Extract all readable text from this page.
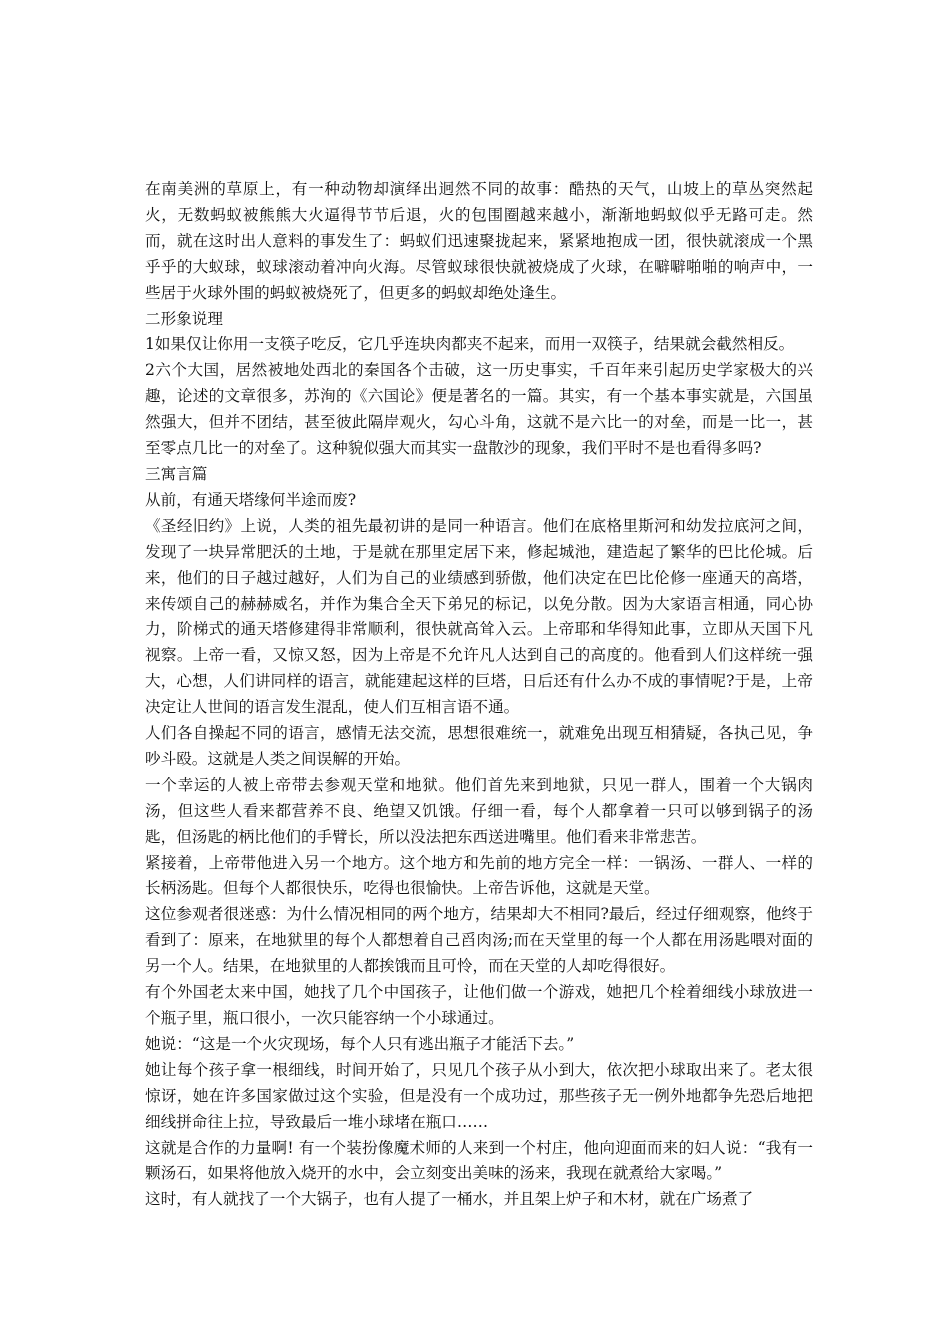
在南美洲的草原上，有一种动物却演绎出迥然不同的故事：酷热的天气，山坡上的草丛突然起火，无数蚂蚁被熊熊大火逼得节节后退，火的包围圈越来越小，渐渐地蚂蚁似乎无路可走。然而，就在这时出人意料的事发生了：蚂蚁们迅速聚拢起来，紧紧地抱成一团，很快就滚成一个黑乎乎的大蚁球，蚁球滚动着冲向火海。尽管蚁球很快就被烧成了火球，在噼噼啪啪的响声中，一些居于火球外围的蚂蚁被烧死了，但更多的蚂蚁却绝处逢生。

二形象说理

1如果仅让你用一支筷子吃反，它几乎连块肉都夹不起来，而用一双筷子，结果就会截然相反。

2六个大国，居然被地处西北的秦国各个击破，这一历史事实，千百年来引起历史学家极大的兴趣，论述的文章很多，苏洵的《六国论》便是著名的一篇。其实，有一个基本事实就是，六国虽然强大，但并不团结，甚至彼此隔岸观火，勾心斗角，这就不是六比一的对垒，而是一比一，甚至零点几比一的对垒了。这种貌似强大而其实一盘散沙的现象，我们平时不是也看得多吗?

三寓言篇

从前，有通天塔缘何半途而废?

《圣经旧约》上说，人类的祖先最初讲的是同一种语言。他们在底格里斯河和幼发拉底河之间，发现了一块异常肥沃的土地，于是就在那里定居下来，修起城池，建造起了繁华的巴比伦城。后来，他们的日子越过越好，人们为自己的业绩感到骄傲，他们决定在巴比伦修一座通天的高塔，来传颂自己的赫赫威名，并作为集合全天下弟兄的标记，以免分散。因为大家语言相通，同心协力，阶梯式的通天塔修建得非常顺利，很快就高耸入云。上帝耶和华得知此事，立即从天国下凡视察。上帝一看，又惊又怒，因为上帝是不允许凡人达到自己的高度的。他看到人们这样统一强大，心想，人们讲同样的语言，就能建起这样的巨塔，日后还有什么办不成的事情呢?于是，上帝决定让人世间的语言发生混乱，使人们互相言语不通。

人们各自操起不同的语言，感情无法交流，思想很难统一，就难免出现互相猜疑，各执己见，争吵斗殴。这就是人类之间误解的开始。

一个幸运的人被上帝带去参观天堂和地狱。他们首先来到地狱，只见一群人，围着一个大锅肉汤，但这些人看来都营养不良、绝望又饥饿。仔细一看，每个人都拿着一只可以够到锅子的汤匙，但汤匙的柄比他们的手臂长，所以没法把东西送进嘴里。他们看来非常悲苦。

紧接着，上帝带他进入另一个地方。这个地方和先前的地方完全一样：一锅汤、一群人、一样的长柄汤匙。但每个人都很快乐，吃得也很愉快。上帝告诉他，这就是天堂。

这位参观者很迷惑：为什么情况相同的两个地方，结果却大不相同?最后，经过仔细观察，他终于看到了：原来，在地狱里的每个人都想着自己舀肉汤;而在天堂里的每一个人都在用汤匙喂对面的另一个人。结果，在地狱里的人都挨饿而且可怜，而在天堂的人却吃得很好。

有个外国老太来中国，她找了几个中国孩子，让他们做一个游戏，她把几个栓着细线小球放进一个瓶子里，瓶口很小，一次只能容纳一个小球通过。

她说：“这是一个火灾现场，每个人只有逃出瓶子才能活下去。”

她让每个孩子拿一根细线，时间开始了，只见几个孩子从小到大，依次把小球取出来了。老太很惊讶，她在许多国家做过这个实验，但是没有一个成功过，那些孩子无一例外地都争先恐后地把细线拼命往上拉，导致最后一堆小球堵在瓶口……

这就是合作的力量啊! 有一个装扮像魔术师的人来到一个村庄，他向迎面而来的妇人说：“我有一颗汤石，如果将他放入烧开的水中，会立刻变出美味的汤来，我现在就煮给大家喝。”

这时，有人就找了一个大锅子，也有人提了一桶水，并且架上炉子和木材，就在广场煮了
